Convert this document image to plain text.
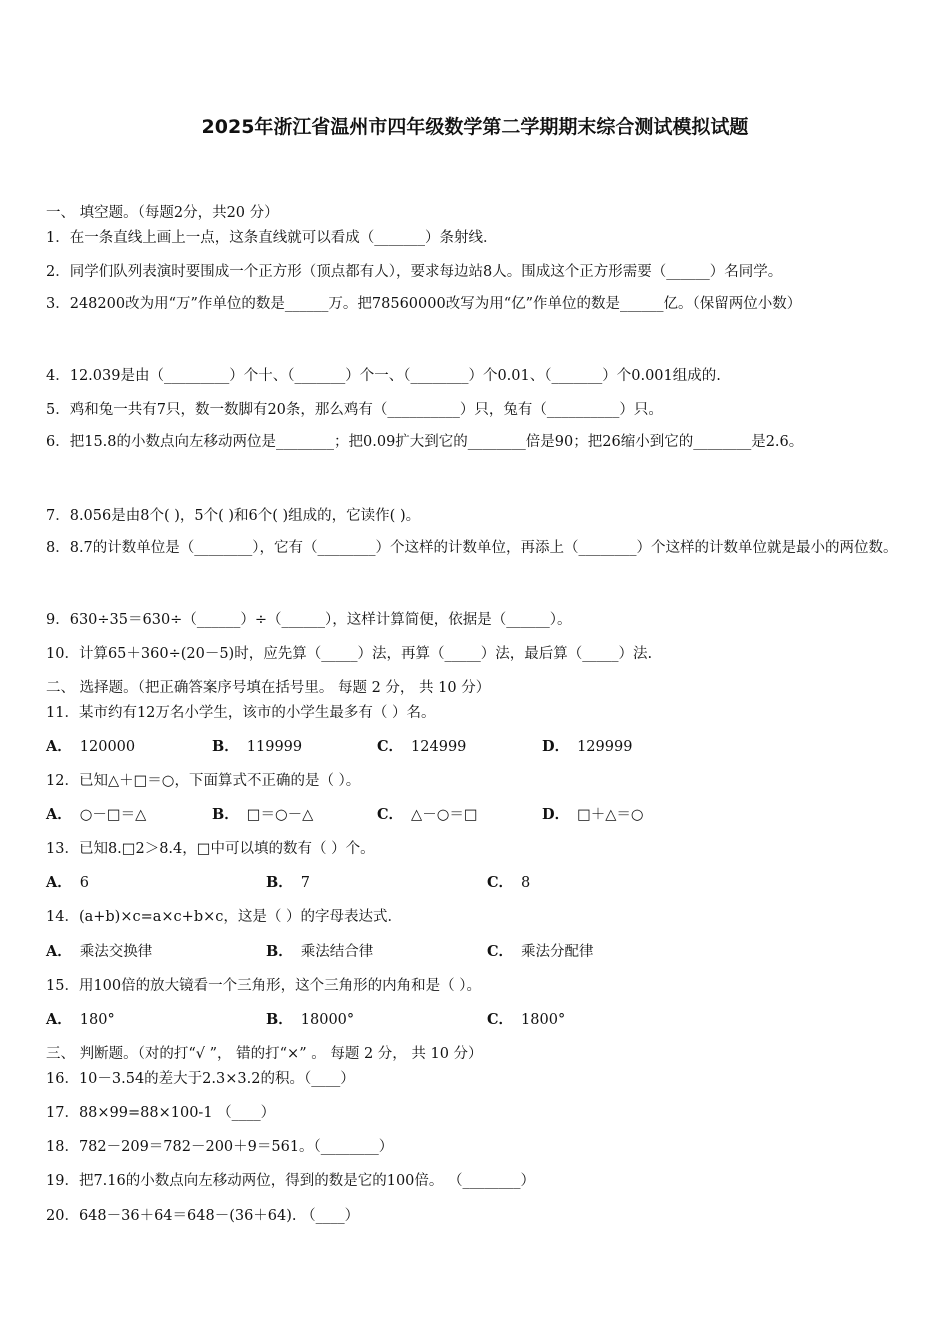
2025年浙江省温州市四年级数学第二学期期末综合测试模拟试题
一、 填空题。（每题2分，共20 分）
1．在一条直线上画上一点，这条直线就可以看成（_______）条射线．
2．同学们队列表演时要围成一个正方形（顶点都有人），要求每边站8人。围成这个正方形需要（______）名同学。
3．248200改为用“万”作单位的数是______万。把78560000改写为用“亿”作单位的数是______亿。（保留两位小数）
4．12.039是由（_________）个十、（_______）个一、（________）个0.01、（_______）个0.001组成的.
5．鸡和兔一共有7只，数一数脚有20条，那么鸡有（__________）只，兔有（__________）只。
6．把15.8的小数点向左移动两位是________；把0.09扩大到它的________倍是90；把26缩小到它的________是2.6。
7．8.056是由8个( )，5个( )和6个( )组成的，它读作( )。
8．8.7的计数单位是（________），它有（________）个这样的计数单位，再添上（________）个这样的计数单位就是最小的两位数。
9．630÷35＝630÷（______）÷（______），这样计算简便，依据是（______）。
10．计算65＋360÷(20－5)时，应先算（_____）法，再算（_____）法，最后算（_____）法.
二、 选择题。（把正确答案序号填在括号里。 每题 2 分， 共 10 分）
11．某市约有12万名小学生，该市的小学生最多有（ ）名。
A． 120000	B． 119999	C． 124999	D． 129999
12．已知△＋□＝○，下面算式不正确的是（ ）。
A． ○－□＝△	B． □＝○－△	C． △－○＝□	D． □＋△＝○
13．已知8.□2＞8.4，□中可以填的数有（ ）个。
A． 6	B． 7	C． 8
14．(a+b)×c=a×c+b×c，这是（ ）的字母表达式．
A． 乘法交换律	B． 乘法结合律	C． 乘法分配律
15．用100倍的放大镜看一个三角形，这个三角形的内角和是（ ）。
A． 180°	B． 18000°	C． 1800°
三、 判断题。（对的打“√ ”， 错的打“×” 。 每题 2 分， 共 10 分）
16．10－3.54的差大于2.3×3.2的积。（____）
17．88×99=88×100-1 （____）
18．782－209＝782－200＋9＝561。（________）
19．把7.16的小数点向左移动两位，得到的数是它的100倍。 （________）
20．648－36＋64＝648－(36＋64). （____）
